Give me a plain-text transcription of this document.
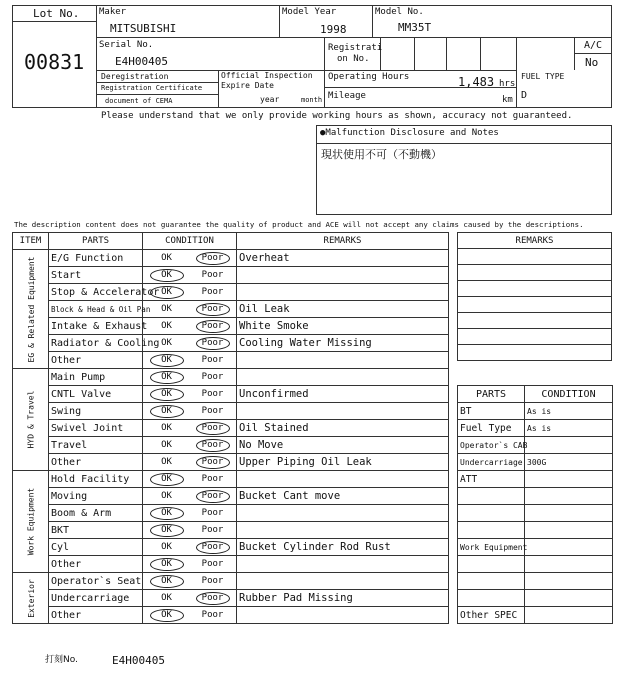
Lot No.
00831
Maker
MITSUBISHI
Model Year
1998
Model No.
MM35T
Serial No.
E4H00405
Registrati
on No.
A/C
No
Deregistration
Registration Certificate
document of CEMA
Official Inspection
Expire Date
year	month
Operating Hours	1,483 hrs
Mileage	km
FUEL TYPE
D
Please understand that we only provide working hours as shown, accuracy not guaranteed.
●Malfunction Disclosure and Notes
現状使用不可（不動機）
The description content does not guarantee the quality of product and ACE will not accept any claims caused by the descriptions.
ITEM	PARTS	CONDITION	REMARKS

EG & Related Equipment	E/G Function	OK Poor	Overheat
	Start	OK Poor	
	Stop & Accelerator	OK Poor	
	Block & Head & Oil Pan	OK Poor	Oil Leak
	Intake & Exhaust	OK Poor	White Smoke
	Radiator & Cooling	OK Poor	Cooling Water Missing
	Other	OK Poor	

HYD & Travel	Main Pump	OK Poor	
	CNTL Valve	OK Poor	Unconfirmed
	Swing	OK Poor	
	Swivel Joint	OK Poor	Oil Stained
	Travel	OK Poor	No Move
	Other	OK Poor	Upper Piping Oil Leak

Work Equipment	Hold Facility	OK Poor	
	Moving	OK Poor	Bucket Cant move
	Boom & Arm	OK Poor	
	BKT	OK Poor	
	Cyl	OK Poor	Bucket Cylinder Rod Rust
	Other	OK Poor	

Exterior	Operator`s Seat	OK Poor	
	Undercarriage	OK Poor	Rubber Pad Missing
	Other	OK Poor	
REMARKS

PARTS	CONDITION
BT	As is
Fuel Type	As is
Operator`s CAB	
Undercarriage	300G
ATT	

Work Equipment	

Other SPEC	
打刻No.	E4H00405
